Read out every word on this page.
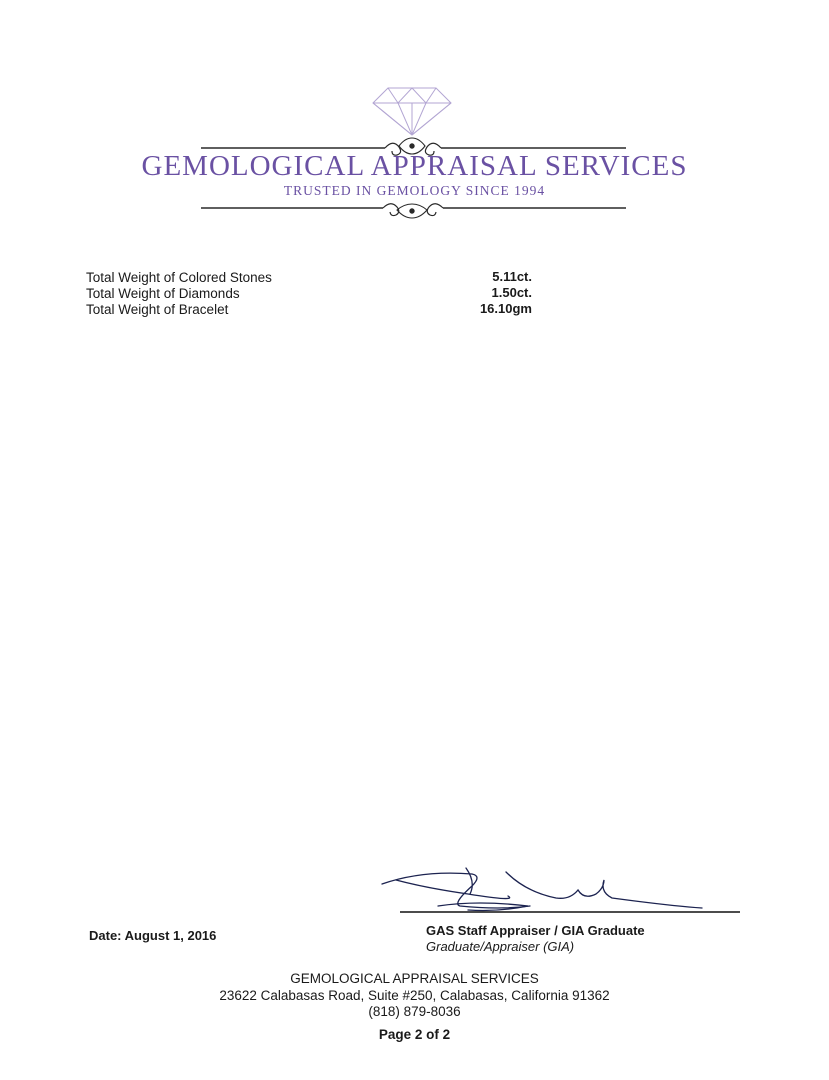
GEMOLOGICAL APPRAISAL SERVICES
TRUSTED IN GEMOLOGY SINCE 1994
Total Weight of Colored Stones	5.11ct.
Total Weight of Diamonds	1.50ct.
Total Weight of Bracelet	16.10gm
Date: August 1, 2016	GAS Staff Appraiser / GIA Graduate
Graduate/Appraiser (GIA)
GEMOLOGICAL APPRAISAL SERVICES
23622 Calabasas Road, Suite #250, Calabasas, California 91362
(818) 879-8036
Page 2 of 2
